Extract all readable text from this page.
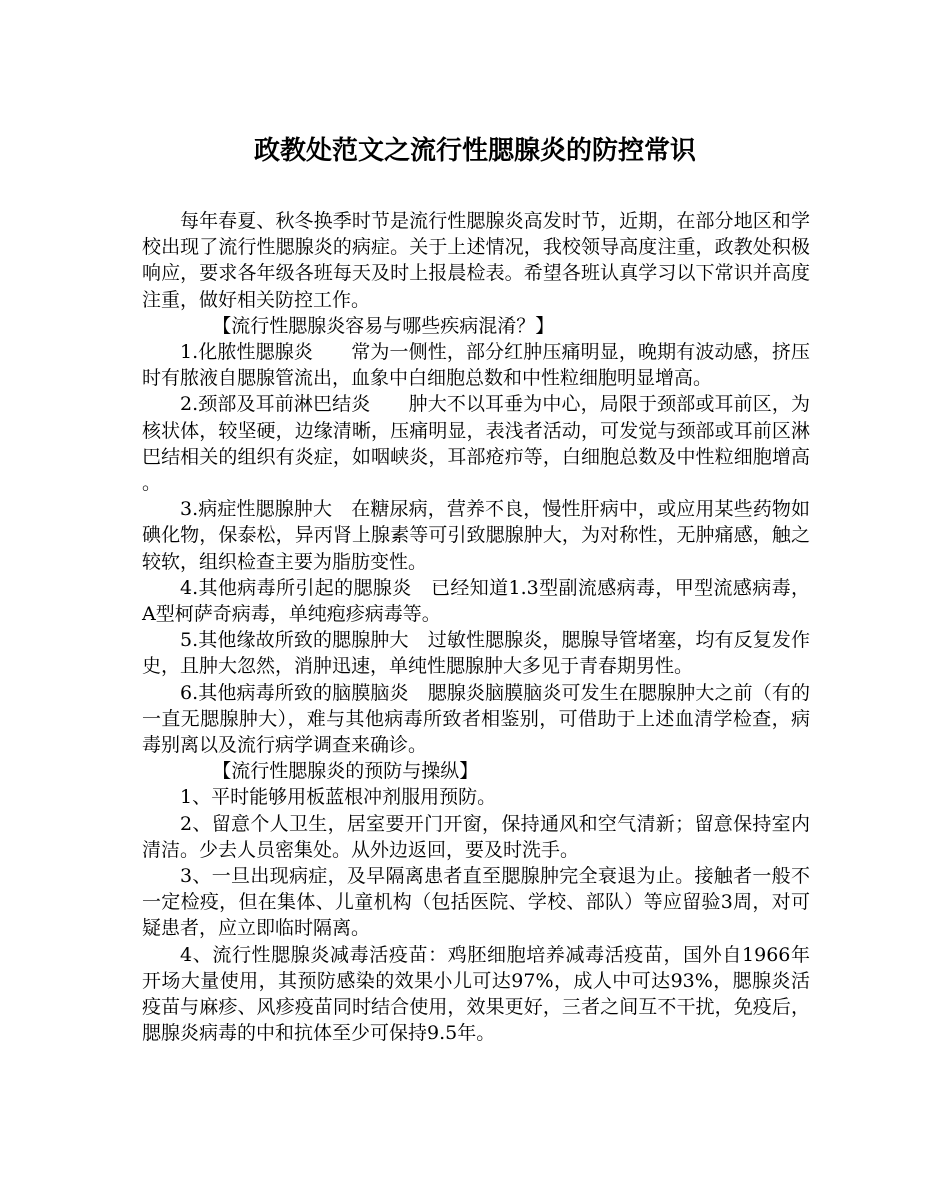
政教处范文之流行性腮腺炎的防控常识

每年春夏、秋冬换季时节是流行性腮腺炎高发时节，近期，在部分地区和学校出现了流行性腮腺炎的病症。关于上述情况，我校领导高度注重，政教处积极响应，要求各年级各班每天及时上报晨检表。希望各班认真学习以下常识并高度注重，做好相关防控工作。

【流行性腮腺炎容易与哪些疾病混淆？】

1.化脓性腮腺炎　　常为一侧性，部分红肿压痛明显，晚期有波动感，挤压时有脓液自腮腺管流出，血象中白细胞总数和中性粒细胞明显增高。

2.颈部及耳前淋巴结炎　　肿大不以耳垂为中心，局限于颈部或耳前区，为核状体，较坚硬，边缘清晰，压痛明显，表浅者活动，可发觉与颈部或耳前区淋巴结相关的组织有炎症，如咽峡炎，耳部疮疖等，白细胞总数及中性粒细胞增高。

3.病症性腮腺肿大　在糖尿病，营养不良，慢性肝病中，或应用某些药物如碘化物，保泰松，异丙肾上腺素等可引致腮腺肿大，为对称性，无肿痛感，触之较软，组织检查主要为脂肪变性。

4.其他病毒所引起的腮腺炎　已经知道1.3型副流感病毒，甲型流感病毒，A型柯萨奇病毒，单纯疱疹病毒等。

5.其他缘故所致的腮腺肿大　过敏性腮腺炎，腮腺导管堵塞，均有反复发作史，且肿大忽然，消肿迅速，单纯性腮腺肿大多见于青春期男性。

6.其他病毒所致的脑膜脑炎　腮腺炎脑膜脑炎可发生在腮腺肿大之前（有的一直无腮腺肿大），难与其他病毒所致者相鉴别，可借助于上述血清学检查，病毒别离以及流行病学调查来确诊。

【流行性腮腺炎的预防与操纵】

1、平时能够用板蓝根冲剂服用预防。

2、留意个人卫生，居室要开门开窗，保持通风和空气清新；留意保持室内清洁。少去人员密集处。从外边返回，要及时洗手。

3、一旦出现病症，及早隔离患者直至腮腺肿完全衰退为止。接触者一般不一定检疫，但在集体、儿童机构（包括医院、学校、部队）等应留验3周，对可疑患者，应立即临时隔离。

4、流行性腮腺炎减毒活疫苗：鸡胚细胞培养减毒活疫苗，国外自1966年开场大量使用，其预防感染的效果小儿可达97%，成人中可达93%，腮腺炎活疫苗与麻疹、风疹疫苗同时结合使用，效果更好，三者之间互不干扰，免疫后，腮腺炎病毒的中和抗体至少可保持9.5年。
